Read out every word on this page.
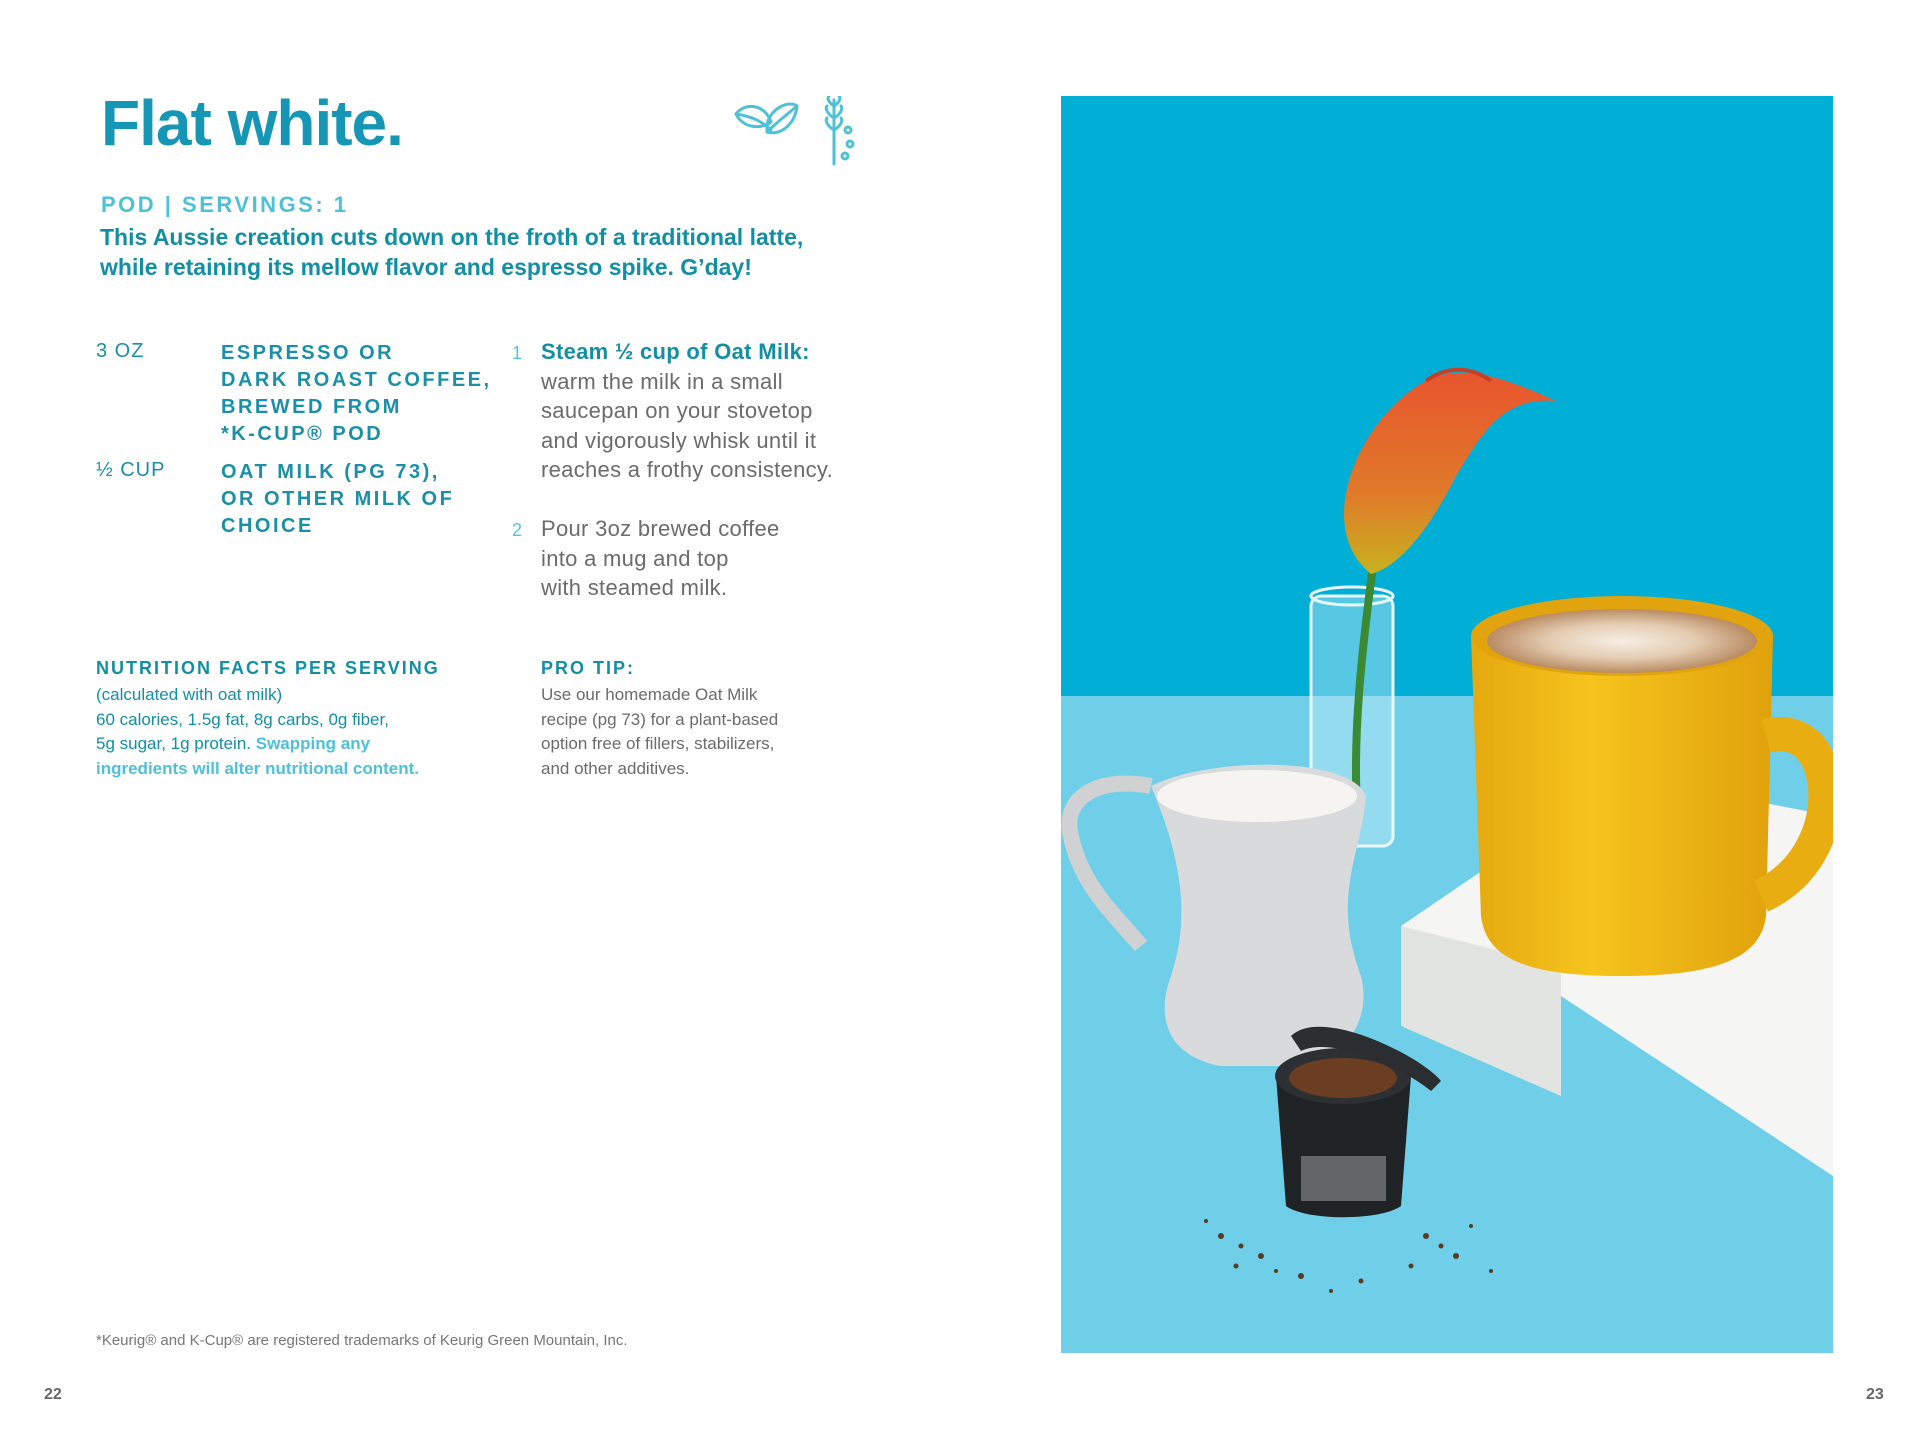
Flat white.
POD | SERVINGS: 1
This Aussie creation cuts down on the froth of a traditional latte, while retaining its mellow flavor and espresso spike. G’day!
3 OZ	ESPRESSO OR
DARK ROAST COFFEE,
BREWED FROM
*K-CUP® POD
½ CUP	OAT MILK (PG 73),
OR OTHER MILK OF
CHOICE
1 Steam ½ cup of Oat Milk:
warm the milk in a small
saucepan on your stovetop
and vigorously whisk until it
reaches a frothy consistency.
2 Pour 3oz brewed coffee
into a mug and top
with steamed milk.
NUTRITION FACTS PER SERVING
(calculated with oat milk)
60 calories, 1.5g fat, 8g carbs, 0g fiber,
5g sugar, 1g protein. Swapping any
ingredients will alter nutritional content.
PRO TIP:
Use our homemade Oat Milk
recipe (pg 73) for a plant-based
option free of fillers, stabilizers,
and other additives.
*Keurig® and K-Cup® are registered trademarks of Keurig Green Mountain, Inc.
22	23
